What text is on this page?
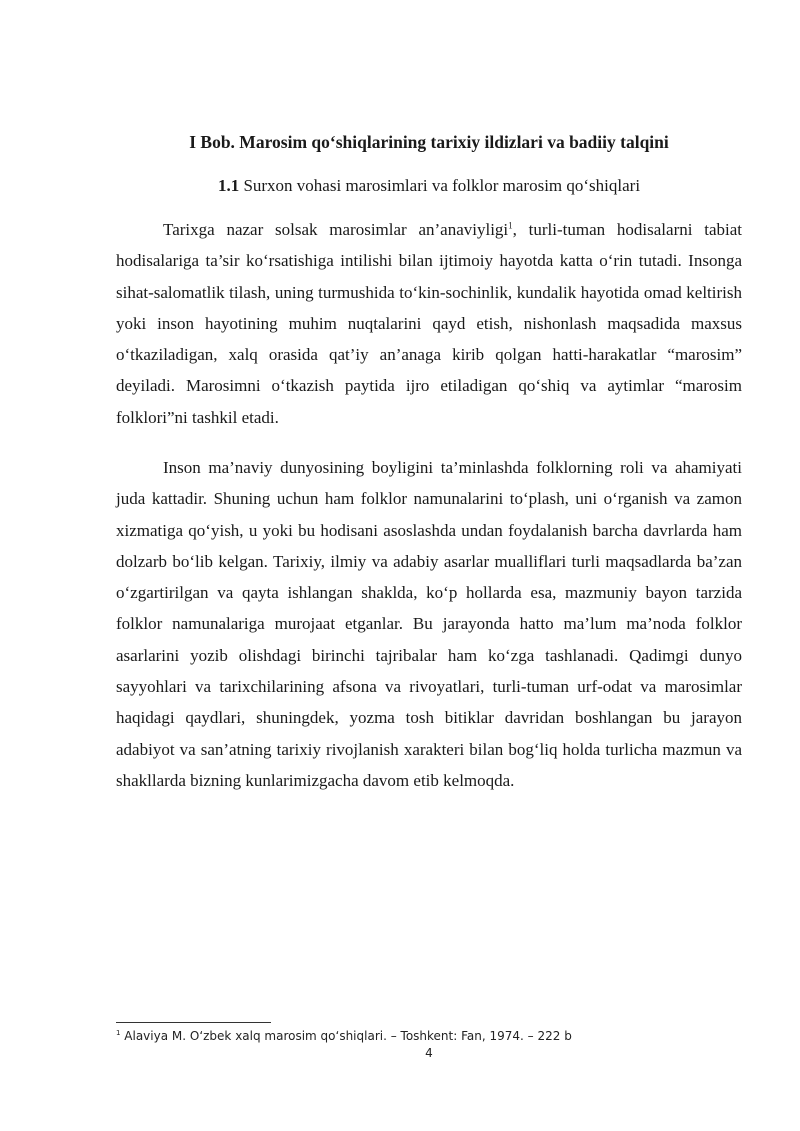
I Bob. Marosim qo‘shiqlarining tarixiy ildizlari va badiiy talqini
1.1 Surxon vohasi marosimlari va folklor marosim qo‘shiqlari

Tarixga nazar solsak marosimlar an’anaviyligi$^1$, turli-tuman hodisalarni tabiat hodisalariga ta’sir ko‘rsatishiga intilishi bilan ijtimoiy hayotda katta o‘rin tutadi. Insonga sihat-salomatlik tilash, uning turmushida to‘kin-sochinlik, kundalik hayotida omad keltirish yoki inson hayotining muhim nuqtalarini qayd etish, nishonlash maqsadida maxsus o‘tkaziladigan, xalq orasida qat’iy an’anaga kirib qolgan hatti-harakatlar “marosim” deyiladi. Marosimni o‘tkazish paytida ijro etiladigan qo‘shiq va aytimlar “marosim folklori”ni tashkil etadi.

Inson ma’naviy dunyosining boyligini ta’minlashda folklorning roli va ahamiyati juda kattadir. Shuning uchun ham folklor namunalarini to‘plash, uni o‘rganish va zamon xizmatiga qo‘yish, u yoki bu hodisani asoslashda undan foydalanish barcha davrlarda ham dolzarb bo‘lib kelgan. Tarixiy, ilmiy va adabiy asarlar mualliflari turli maqsadlarda ba’zan o‘zgartirilgan va qayta ishlangan shaklda, ko‘p hollarda esa, mazmuniy bayon tarzida folklor namunalariga murojaat etganlar. Bu jarayonda hatto ma’lum ma’noda folklor asarlarini yozib olishdagi birinchi tajribalar ham ko‘zga tashlanadi. Qadimgi dunyo sayyohlari va tarixchilarining afsona va rivoyatlari, turli-tuman urf-odat va marosimlar haqidagi qaydlari, shuningdek, yozma tosh bitiklar davridan boshlangan bu jarayon adabiyot va san’atning tarixiy rivojlanish xarakteri bilan bog‘liq holda turlicha mazmun va shakllarda bizning kunlarimizgacha davom etib kelmoqda.

$^1$ Alaviya M. O‘zbek xalq marosim qo‘shiqlari. – Toshkent: Fan, 1974. – 222 b
4
